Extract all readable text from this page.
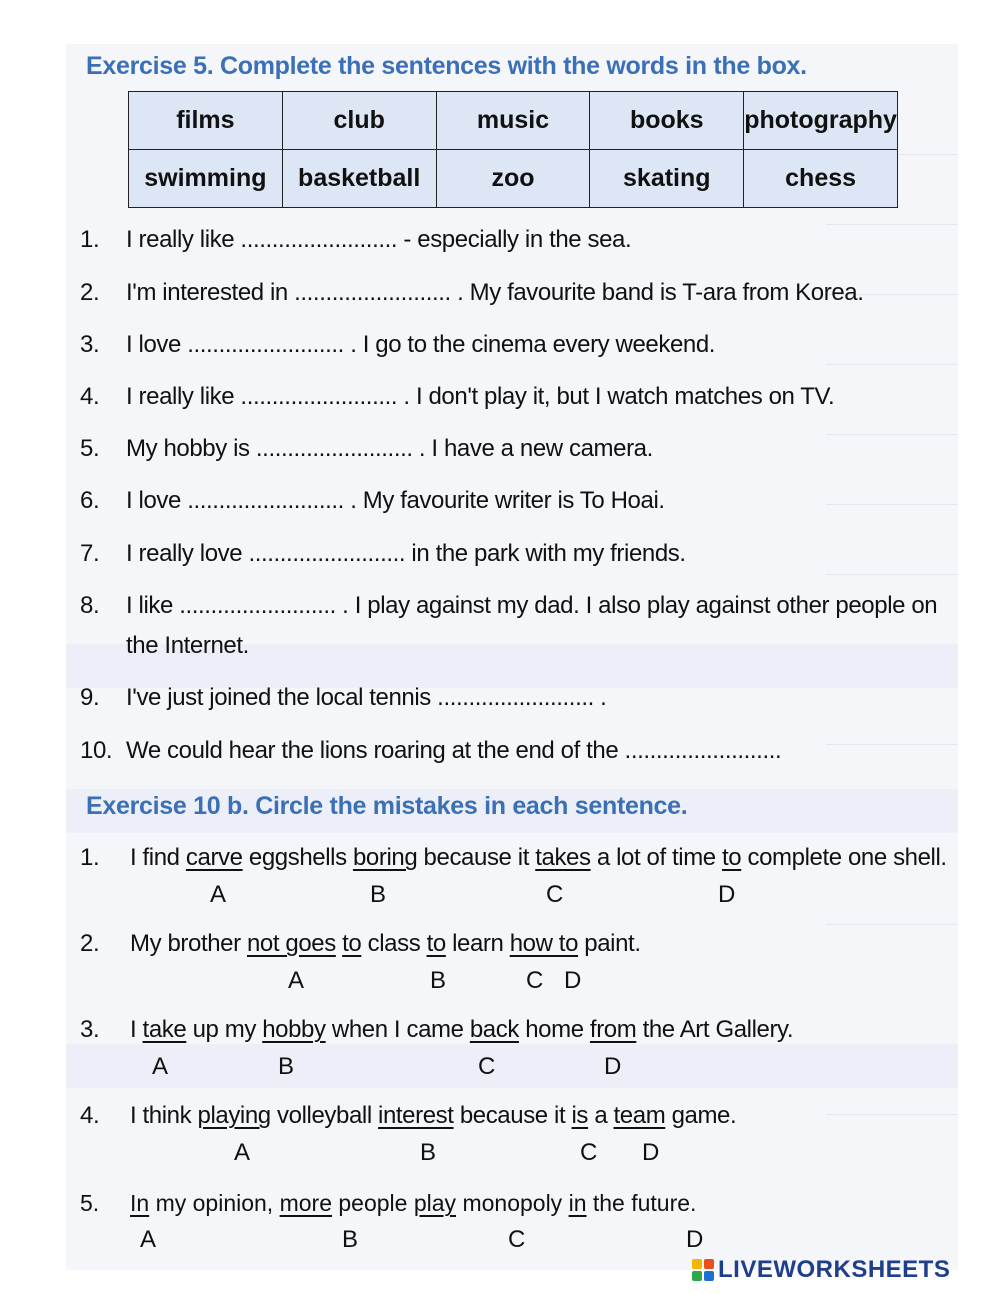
Exercise 5. Complete the sentences with the words in the box.
films	club	music	books	photography
swimming	basketball	zoo	skating	chess
1. I really like ......................... - especially in the sea.
2. I'm interested in ......................... . My favourite band is T-ara from Korea.
3. I love ......................... . I go to the cinema every weekend.
4. I really like ......................... . I don't play it, but I watch matches on TV.
5. My hobby is ......................... . I have a new camera.
6. I love ......................... . My favourite writer is To Hoai.
7. I really love ......................... in the park with my friends.
8. I like ......................... . I play against my dad. I also play against other people on
the Internet.
9. I've just joined the local tennis ......................... .
10. We could hear the lions roaring at the end of the .........................
Exercise 10 b. Circle the mistakes in each sentence.
1. I find carve eggshells boring because it takes a lot of time to complete one shell.
A	B	C	D
2. My brother not goes to class to learn how to paint.
A	B	C D
3. I take up my hobby when I came back home from the Art Gallery.
A	B	C	D
4. I think playing volleyball interest because it is a team game.
A	B	C D
5. In my opinion, more people play monopoly in the future.
A	B	C	D
LIVEWORKSHEETS
